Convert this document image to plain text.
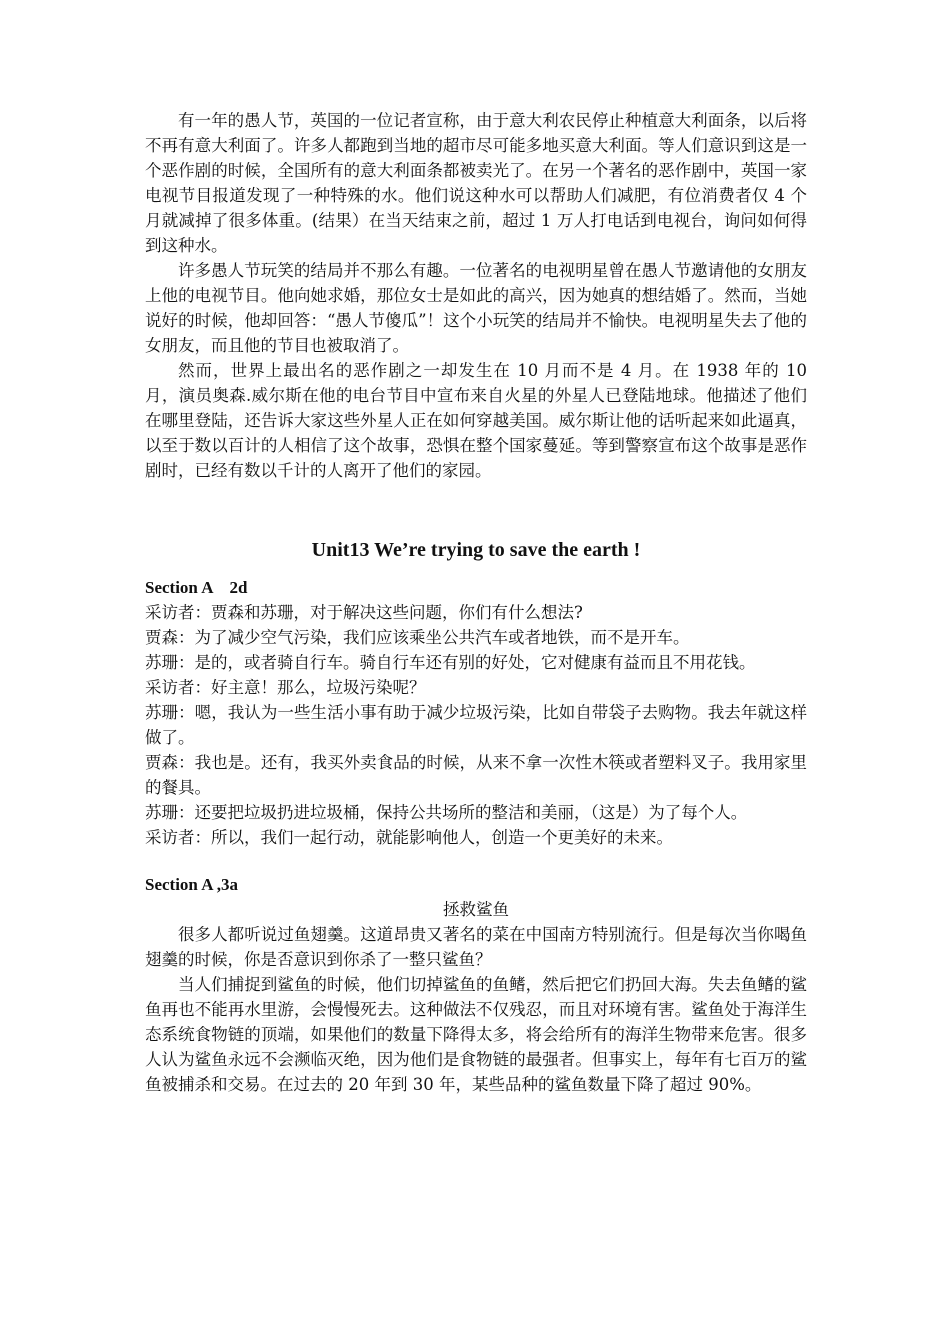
有一年的愚人节，英国的一位记者宣称，由于意大利农民停止种植意大利面条，以后将不再有意大利面了。许多人都跑到当地的超市尽可能多地买意大利面。等人们意识到这是一个恶作剧的时候，全国所有的意大利面条都被卖光了。在另一个著名的恶作剧中，英国一家电视节目报道发现了一种特殊的水。他们说这种水可以帮助人们减肥，有位消费者仅 4 个月就减掉了很多体重。(结果）在当天结束之前，超过 1 万人打电话到电视台，询问如何得到这种水。

许多愚人节玩笑的结局并不那么有趣。一位著名的电视明星曾在愚人节邀请他的女朋友上他的电视节目。他向她求婚，那位女士是如此的高兴，因为她真的想结婚了。然而，当她说好的时候，他却回答：“愚人节傻瓜”！这个小玩笑的结局并不愉快。电视明星失去了他的女朋友，而且他的节目也被取消了。

然而，世界上最出名的恶作剧之一却发生在 10 月而不是 4 月。在 1938 年的 10 月，演员奥森.威尔斯在他的电台节目中宣布来自火星的外星人已登陆地球。他描述了他们在哪里登陆，还告诉大家这些外星人正在如何穿越美国。威尔斯让他的话听起来如此逼真，以至于数以百计的人相信了这个故事，恐惧在整个国家蔓延。等到警察宣布这个故事是恶作剧时，已经有数以千计的人离开了他们的家园。

Unit13 We’re trying to save the earth !
Section A    2d

采访者：贾森和苏珊，对于解决这些问题，你们有什么想法?

贾森：为了减少空气污染，我们应该乘坐公共汽车或者地铁，而不是开车。

苏珊：是的，或者骑自行车。骑自行车还有别的好处，它对健康有益而且不用花钱。

采访者：好主意！那么，垃圾污染呢？

苏珊：嗯，我认为一些生活小事有助于减少垃圾污染，比如自带袋子去购物。我去年就这样做了。

贾森：我也是。还有，我买外卖食品的时候，从来不拿一次性木筷或者塑料叉子。我用家里的餐具。

苏珊：还要把垃圾扔进垃圾桶，保持公共场所的整洁和美丽，（这是）为了每个人。

采访者：所以，我们一起行动，就能影响他人，创造一个更美好的未来。

Section A ,3a

拯救鲨鱼

很多人都听说过鱼翅羹。这道昂贵又著名的菜在中国南方特别流行。但是每次当你喝鱼翅羹的时候，你是否意识到你杀了一整只鲨鱼？

当人们捕捉到鲨鱼的时候，他们切掉鲨鱼的鱼鳍，然后把它们扔回大海。失去鱼鳍的鲨鱼再也不能再水里游，会慢慢死去。这种做法不仅残忍，而且对环境有害。鲨鱼处于海洋生态系统食物链的顶端，如果他们的数量下降得太多，将会给所有的海洋生物带来危害。很多人认为鲨鱼永远不会濒临灭绝，因为他们是食物链的最强者。但事实上，每年有七百万的鲨鱼被捕杀和交易。在过去的 20 年到 30 年，某些品种的鲨鱼数量下降了超过 90%。
